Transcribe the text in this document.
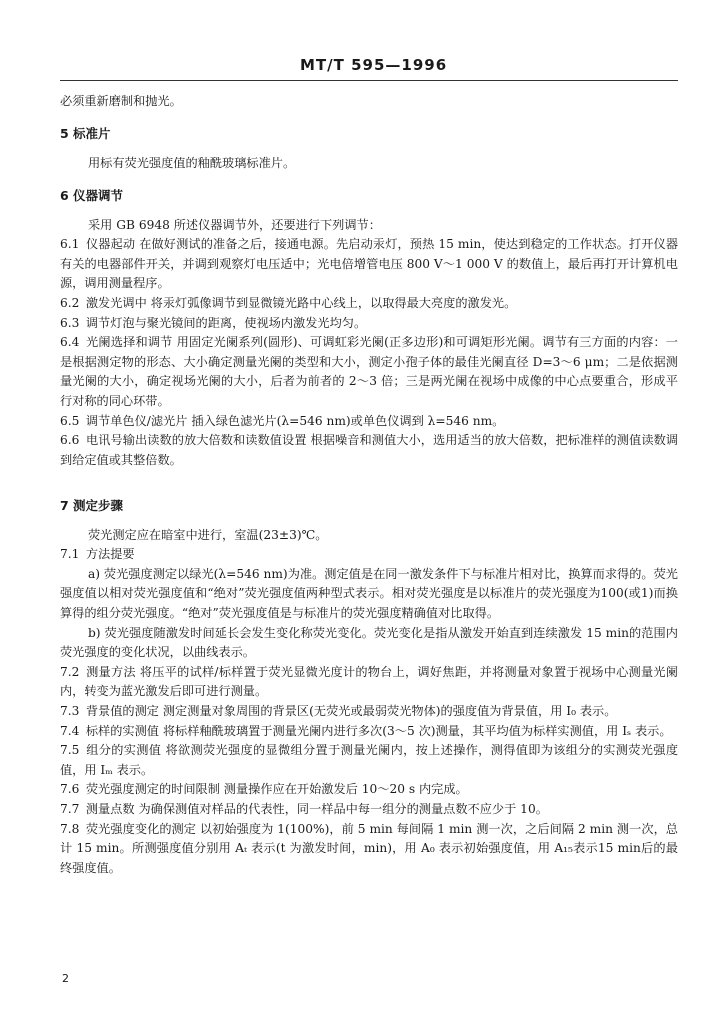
MT/T 595—1996

必须重新磨制和抛光。

5 标准片

用标有荧光强度值的釉酰玻璃标准片。

6 仪器调节

采用 GB 6948 所述仪器调节外，还要进行下列调节：

6.1 仪器起动 在做好测试的准备之后，接通电源。先启动汞灯，预热 15 min，使达到稳定的工作状态。打开仪器有关的电器部件开关，并调到观察灯电压适中；光电倍增管电压 800 V～1 000 V 的数值上，最后再打开计算机电源，调用测量程序。

6.2 激发光调中 将汞灯弧像调节到显微镜光路中心线上，以取得最大亮度的激发光。

6.3 调节灯泡与聚光镜间的距离，使视场内激发光均匀。

6.4 光阑选择和调节 用固定光阑系列(圆形)、可调虹彩光阑(正多边形)和可调矩形光阑。调节有三方面的内容：一是根据测定物的形态、大小确定测量光阑的类型和大小，测定小孢子体的最佳光阑直径 D=3～6 μm；二是依据测量光阑的大小，确定视场光阑的大小，后者为前者的 2～3 倍；三是两光阑在视场中成像的中心点要重合，形成平行对称的同心环带。

6.5 调节单色仪/滤光片 插入绿色滤光片(λ=546 nm)或单色仪调到 λ=546 nm。

6.6 电讯号输出读数的放大倍数和读数值设置 根据噪音和测值大小，选用适当的放大倍数，把标准样的测值读数调到给定值或其整倍数。

7 测定步骤

荧光测定应在暗室中进行，室温(23±3)℃。

7.1 方法提要

a) 荧光强度测定以绿光(λ=546 nm)为准。测定值是在同一激发条件下与标准片相对比，换算而求得的。荧光强度值以相对荧光强度值和“绝对”荧光强度值两种型式表示。相对荧光强度是以标准片的荧光强度为100(或1)而换算得的组分荧光强度。“绝对”荧光强度值是与标准片的荧光强度精确值对比取得。

b) 荧光强度随激发时间延长会发生变化称荧光变化。荧光变化是指从激发开始直到连续激发 15 min的范围内荧光强度的变化状况，以曲线表示。

7.2 测量方法 将压平的试样/标样置于荧光显微光度计的物台上，调好焦距，并将测量对象置于视场中心测量光阑内，转变为蓝光激发后即可进行测量。

7.3 背景值的测定 测定测量对象周围的背景区(无荧光或最弱荧光物体)的强度值为背景值，用 I₀ 表示。

7.4 标样的实测值 将标样釉酰玻璃置于测量光阑内进行多次(3～5 次)测量，其平均值为标样实测值，用 Iₛ 表示。

7.5 组分的实测值 将欲测荧光强度的显微组分置于测量光阑内，按上述操作，测得值即为该组分的实测荧光强度值，用 Iₘ 表示。

7.6 荧光强度测定的时间限制 测量操作应在开始激发后 10～20 s 内完成。

7.7 测量点数 为确保测值对样品的代表性，同一样品中每一组分的测量点数不应少于 10。

7.8 荧光强度变化的测定 以初始强度为 1(100%)，前 5 min 每间隔 1 min 测一次，之后间隔 2 min 测一次，总计 15 min。所测强度值分别用 Aₜ 表示(t 为激发时间，min)，用 A₀ 表示初始强度值，用 A₁₅表示15 min后的最终强度值。

2
